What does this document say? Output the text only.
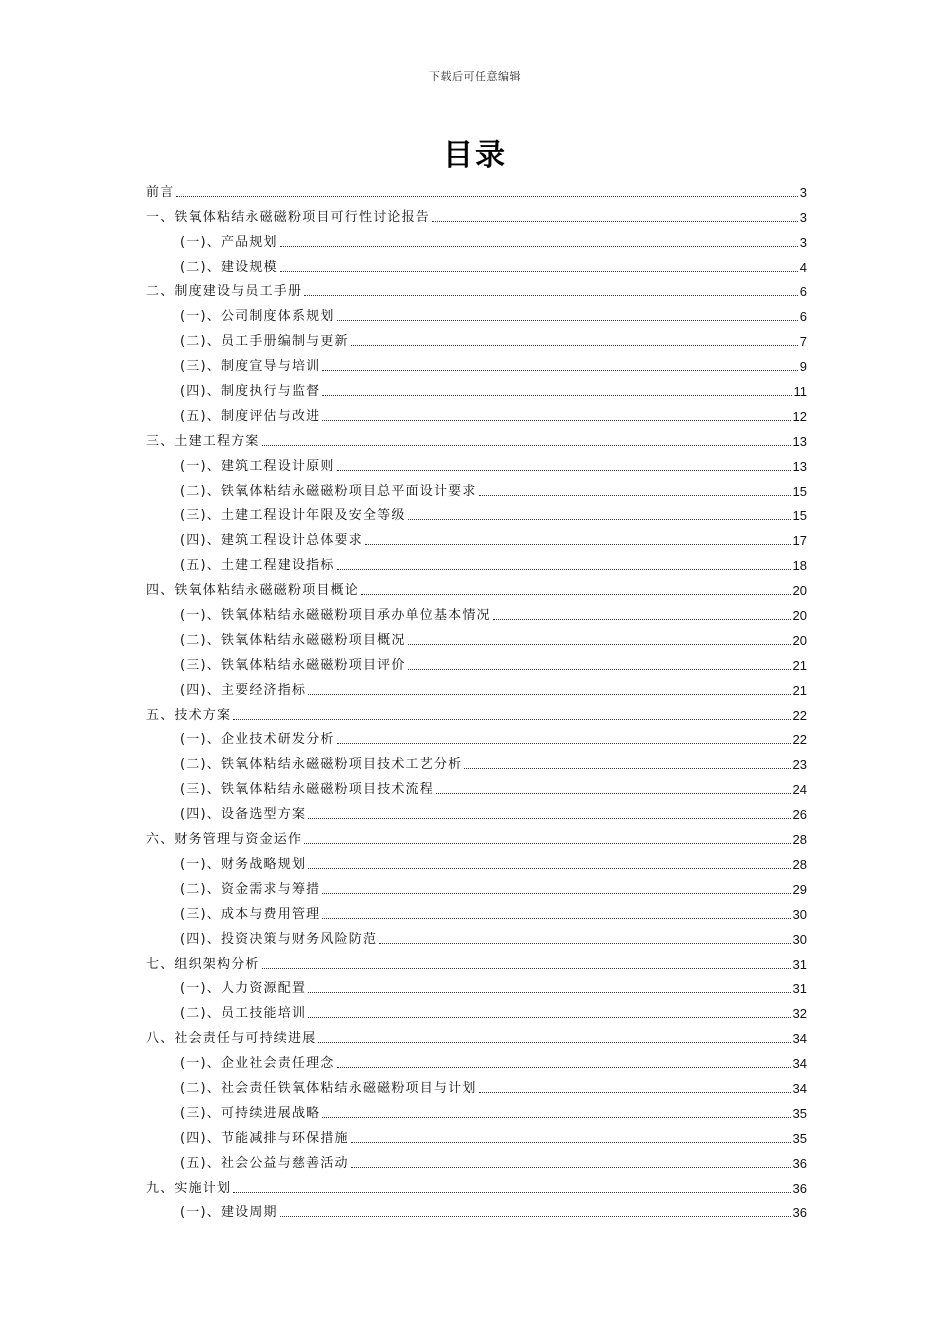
下载后可任意编辑
目录
前言	3
一、铁氧体粘结永磁磁粉项目可行性讨论报告	3
(一)、产品规划	3
(二)、建设规模	4
二、制度建设与员工手册	6
(一)、公司制度体系规划	6
(二)、员工手册编制与更新	7
(三)、制度宣导与培训	9
(四)、制度执行与监督	11
(五)、制度评估与改进	12
三、土建工程方案	13
(一)、建筑工程设计原则	13
(二)、铁氧体粘结永磁磁粉项目总平面设计要求	15
(三)、土建工程设计年限及安全等级	15
(四)、建筑工程设计总体要求	17
(五)、土建工程建设指标	18
四、铁氧体粘结永磁磁粉项目概论	20
(一)、铁氧体粘结永磁磁粉项目承办单位基本情况	20
(二)、铁氧体粘结永磁磁粉项目概况	20
(三)、铁氧体粘结永磁磁粉项目评价	21
(四)、主要经济指标	21
五、技术方案	22
(一)、企业技术研发分析	22
(二)、铁氧体粘结永磁磁粉项目技术工艺分析	23
(三)、铁氧体粘结永磁磁粉项目技术流程	24
(四)、设备选型方案	26
六、财务管理与资金运作	28
(一)、财务战略规划	28
(二)、资金需求与筹措	29
(三)、成本与费用管理	30
(四)、投资决策与财务风险防范	30
七、组织架构分析	31
(一)、人力资源配置	31
(二)、员工技能培训	32
八、社会责任与可持续进展	34
(一)、企业社会责任理念	34
(二)、社会责任铁氧体粘结永磁磁粉项目与计划	34
(三)、可持续进展战略	35
(四)、节能减排与环保措施	35
(五)、社会公益与慈善活动	36
九、实施计划	36
(一)、建设周期	36
